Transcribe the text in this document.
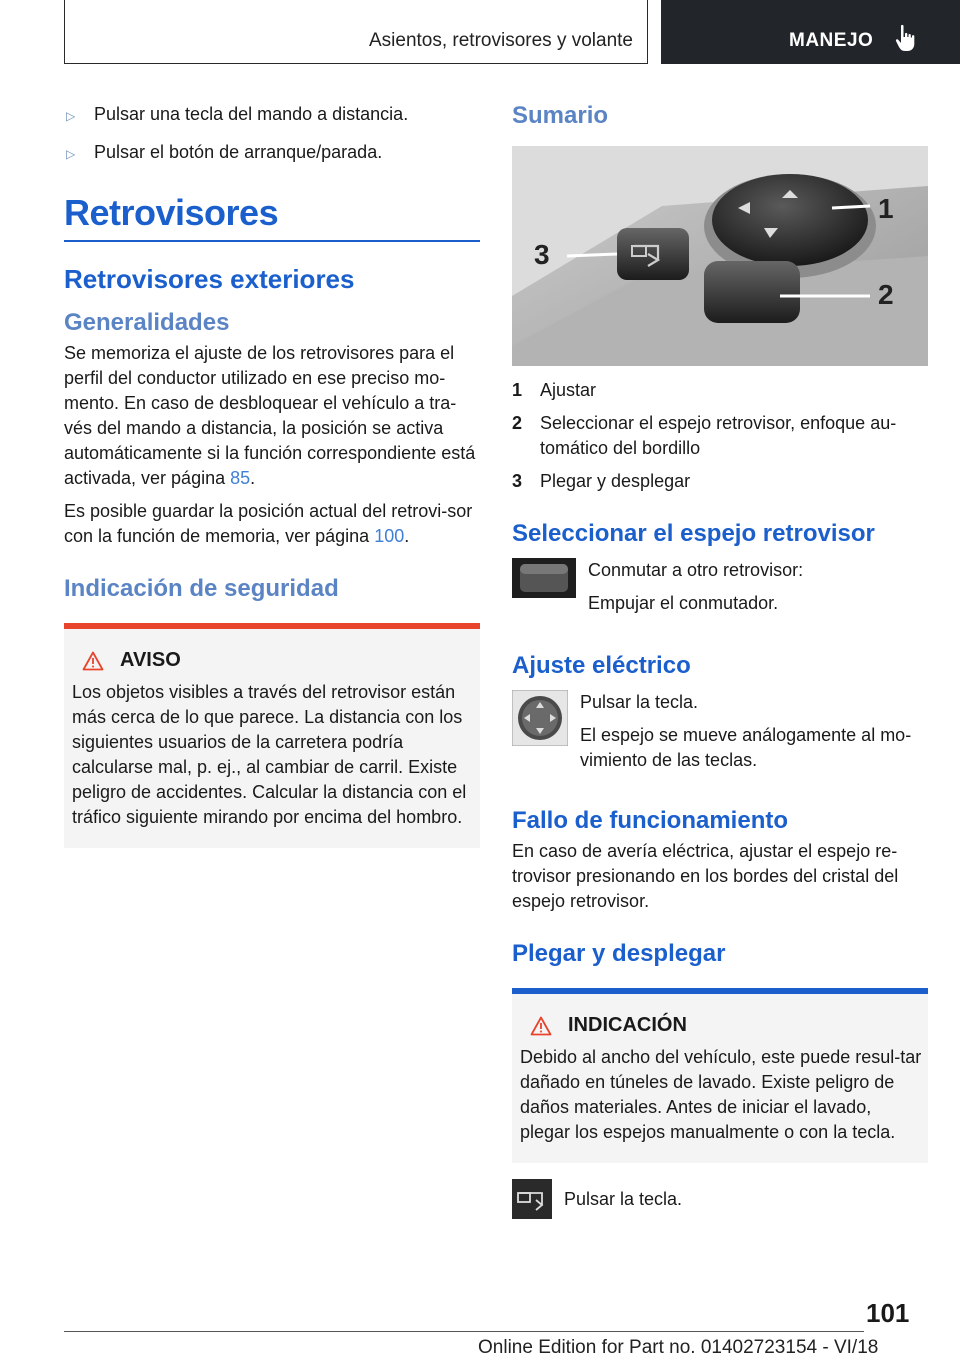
Asientos, retrovisores y volante	MANEJO
▷	Pulsar una tecla del mando a distancia.
▷	Pulsar el botón de arranque/parada.
Retrovisores
Retrovisores exteriores
Generalidades

Se memoriza el ajuste de los retrovisores para el perfil del conductor utilizado en ese preciso mo-mento. En caso de desbloquear el vehículo a tra-vés del mando a distancia, la posición se activa automáticamente si la función correspondiente está activada, ver página 85.

Es posible guardar la posición actual del retrovi-sor con la función de memoria, ver página 100.

Indicación de seguridad
AVISO

Los objetos visibles a través del retrovisor están más cerca de lo que parece. La distancia con los siguientes usuarios de la carretera podría calcularse mal, p. ej., al cambiar de carril. Existe peligro de accidentes. Calcular la distancia con el tráfico siguiente mirando por encima del hombro.

Sumario
3
1
2
1 Ajustar
2 Seleccionar el espejo retrovisor, enfoque au-tomático del bordillo
3 Plegar y desplegar
Seleccionar el espejo retrovisor

Conmutar a otro retrovisor:

Empujar el conmutador.

Ajuste eléctrico

Pulsar la tecla.

El espejo se mueve análogamente al mo-vimiento de las teclas.

Fallo de funcionamiento

En caso de avería eléctrica, ajustar el espejo re-trovisor presionando en los bordes del cristal del espejo retrovisor.

Plegar y desplegar
INDICACIÓN

Debido al ancho del vehículo, este puede resul-tar dañado en túneles de lavado. Existe peligro de daños materiales. Antes de iniciar el lavado, plegar los espejos manualmente o con la tecla.

Pulsar la tecla.

101
Online Edition for Part no. 01402723154 - VI/18
